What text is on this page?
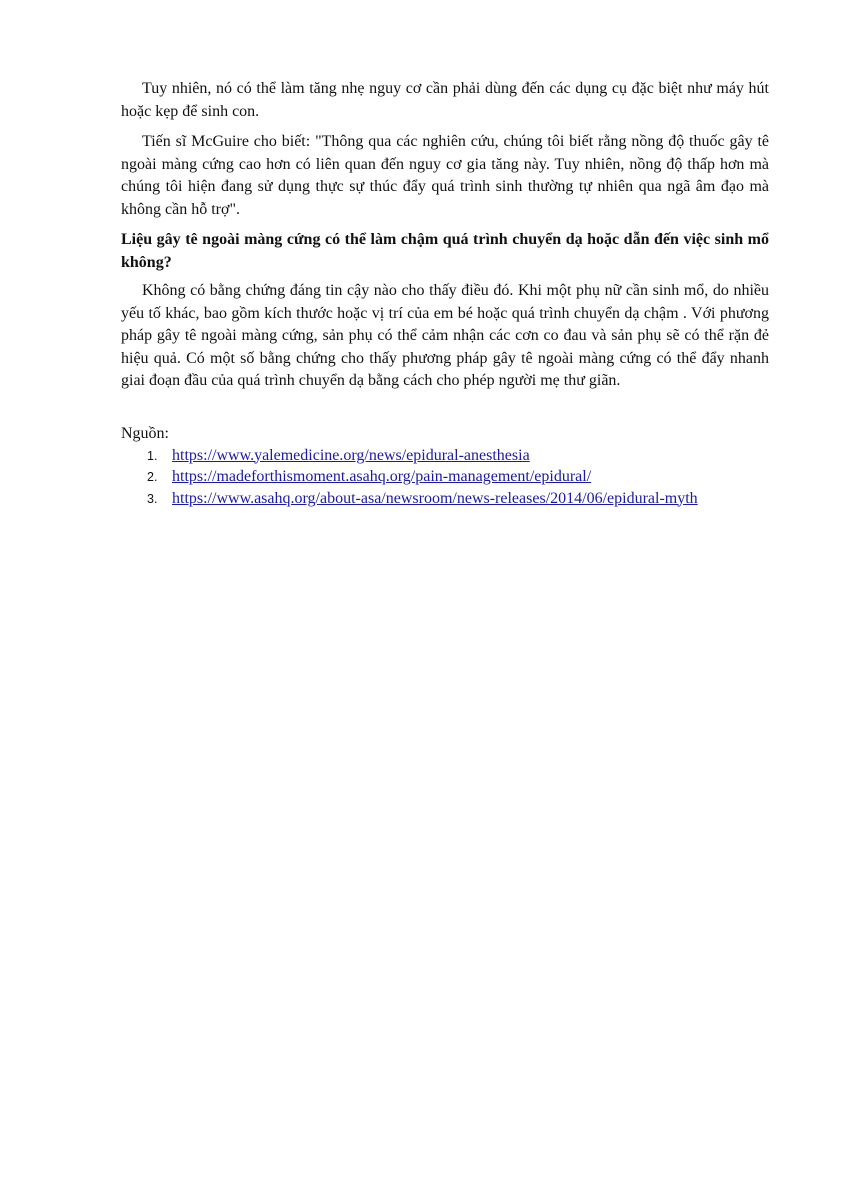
Tuy nhiên, nó có thể làm tăng nhẹ nguy cơ cần phải dùng đến các dụng cụ đặc biệt như máy hút hoặc kẹp để sinh con.

Tiến sĩ McGuire cho biết: "Thông qua các nghiên cứu, chúng tôi biết rằng nồng độ thuốc gây tê ngoài màng cứng cao hơn có liên quan đến nguy cơ gia tăng này. Tuy nhiên, nồng độ thấp hơn mà chúng tôi hiện đang sử dụng thực sự thúc đẩy quá trình sinh thường tự nhiên qua ngã âm đạo mà không cần hỗ trợ".

Liệu gây tê ngoài màng cứng có thể làm chậm quá trình chuyển dạ hoặc dẫn đến việc sinh mổ không?

Không có bằng chứng đáng tin cậy nào cho thấy điều đó. Khi một phụ nữ cần sinh mổ, do nhiều yếu tố khác, bao gồm kích thước hoặc vị trí của em bé hoặc quá trình chuyển dạ chậm . Với phương pháp gây tê ngoài màng cứng, sản phụ có thể cảm nhận các cơn co đau và sản phụ sẽ có thể rặn đẻ hiệu quả. Có một số bằng chứng cho thấy phương pháp gây tê ngoài màng cứng có thể đẩy nhanh giai đoạn đầu của quá trình chuyển dạ bằng cách cho phép người mẹ thư giãn.

Nguồn:

1. https://www.yalemedicine.org/news/epidural-anesthesia
2. https://madeforthismoment.asahq.org/pain-management/epidural/
3. https://www.asahq.org/about-asa/newsroom/news-releases/2014/06/epidural-myth
